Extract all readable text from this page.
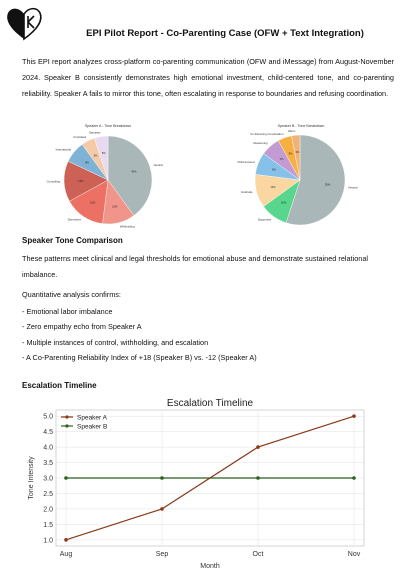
EPI Pilot Report - Co-Parenting Case (OFW + Text Integration)
This EPI report analyzes cross-platform co-parenting communication (OFW and iMessage) from August-November 2024. Speaker B consistently demonstrates high emotional investment, child-centered tone, and co-parenting reliability. Speaker A fails to mirror this tone, often escalating in response to boundaries and refusing coordination.
Speaker A - Tone Breakdown
40%
Neutral
12%
Withholding
15%
Dismissive
15%
Controlling
8%
International
5%
Frustrated
5%
Sarcastic
Speaker B - Tone Breakdown
55%
Neutral
10%
Supportive
12%
Gratitude
8%
Child-focused
7%
Reassuring
5%
Co-Parenting Coordination
3%
Warm
Speaker Tone Comparison
These patterns meet clinical and legal thresholds for emotional abuse and demonstrate sustained relational imbalance.
Quantitative analysis confirms:
- Emotional labor imbalance
- Zero empathy echo from Speaker A
- Multiple instances of control, withholding, and escalation
- A Co-Parenting Reliability Index of +18 (Speaker B) vs. -12 (Speaker A)
Escalation Timeline
Escalation Timeline
1.0
1.5
2.0
2.5
3.0
3.5
4.0
4.5
5.0
Aug	Sep	Oct	Nov
Month
Tone Intensity
Speaker A
Speaker B
